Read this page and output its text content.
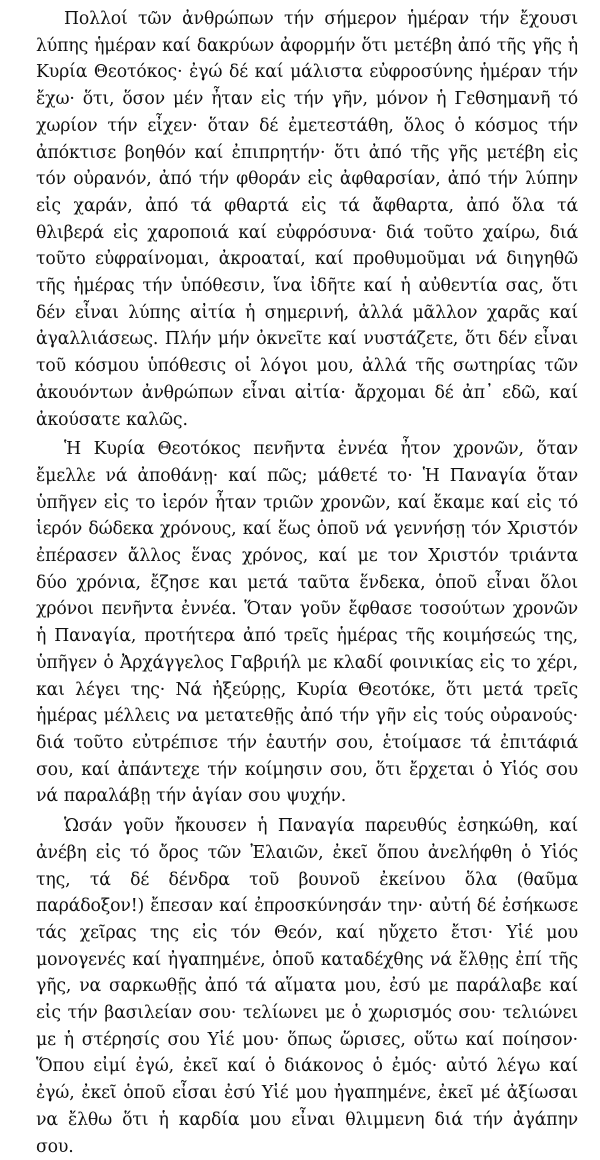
Πολλοί τῶν ἀνθρώπων τήν σήμερον ἡμέραν τήν ἔχουσι λύπης ἡμέραν καί δακρύων ἀφορμήν ὅτι μετέβη ἀπό τῆς γῆς ἡ Κυρία Θεοτόκος· ἐγώ δέ καί μάλιστα εὐφροσύνης ἡμέραν τήν ἔχω· ὅτι, ὅσον μέν ἦταν εἰς τήν γῆν, μόνον ἡ Γεθσημανῆ τό χωρίον τήν εἶχεν· ὅταν δέ ἐμετεστάθη, ὅλος ὁ κόσμος τήν ἀπόκτισε βοηθόν καί ἐπιπρητήν· ὅτι ἀπό τῆς γῆς μετέβη εἰς τόν οὐρανόν, ἀπό τήν φθοράν εἰς ἀφθαρσίαν, ἀπό τήν λύπην εἰς χαράν, ἀπό τά φθαρτά εἰς τά ἄφθαρτα, ἀπό ὅλα τά θλιβερά εἰς χαροποιά καί εὐφρόσυνα· διά τοῦτο χαίρω, διά τοῦτο εὐφραίνομαι, ἀκροαταί, καί προθυμοῦμαι νά διηγηθῶ τῆς ἡμέρας τήν ὑπόθεσιν, ἵνα ἰδῆτε καί ἡ αὐθεντία σας, ὅτι δέν εἶναι λύπης αἰτία ἡ σημερινή, ἀλλά μᾶλλον χαρᾶς καί ἀγαλλιάσεως. Πλήν μήν ὀκνεῖτε καί νυστάζετε, ὅτι δέν εἶναι τοῦ κόσμου ὑπόθεσις οἱ λόγοι μου, ἀλλά τῆς σωτηρίας τῶν ἀκουόντων ἀνθρώπων εἶναι αἰτία· ἄρχομαι δέ ἀπ᾽ εδῶ, καί ἀκούσατε καλῶς.

Ἡ Κυρία Θεοτόκος πενῆντα ἐννέα ἦτον χρονῶν, ὅταν ἔμελλε νά ἀποθάνῃ· καί πῶς; μάθετέ το· Ἡ Παναγία ὅταν ὑπῆγεν εἰς το ἱερόν ἦταν τριῶν χρονῶν, καί ἔκαμε καί εἰς τό ἱερόν δώδεκα χρόνους, καί ἕως ὁποῦ νά γεννήσῃ τόν Χριστόν ἐπέρασεν ἄλλος ἕνας χρόνος, καί με τον Χριστόν τριάντα δύο χρόνια, ἔζησε και μετά ταῦτα ἕνδεκα, ὁποῦ εἶναι ὅλοι χρόνοι πενῆντα ἐννέα. Ὅταν γοῦν ἔφθασε τοσούτων χρονῶν ἡ Παναγία, προτήτερα ἀπό τρεῖς ἡμέρας τῆς κοιμήσεώς της, ὑπῆγεν ὁ Ἀρχάγγελος Γαβριήλ με κλαδί φοινικίας εἰς το χέρι, και λέγει της· Νά ἠξεύρῃς, Κυρία Θεοτόκε, ὅτι μετά τρεῖς ἡμέρας μέλλεις να μετατεθῇς ἀπό τήν γῆν εἰς τούς οὐρανούς· διά τοῦτο εὐτρέπισε τήν ἑαυτήν σου, ἑτοίμασε τά ἐπιτάφιά σου, καί ἀπάντεχε τήν κοίμησιν σου, ὅτι ἔρχεται ὁ Υἱός σου νά παραλάβῃ τήν ἁγίαν σου ψυχήν.

Ὡσάν γοῦν ἤκουσεν ἡ Παναγία παρευθύς ἐσηκώθη, καί ἀνέβη εἰς τό ὄρος τῶν Ἐλαιῶν, ἐκεῖ ὅπου ἀνελήφθη ὁ Υἱός της, τά δέ δένδρα τοῦ βουνοῦ ἐκείνου ὅλα (θαῦμα παράδοξον!) ἔπεσαν καί ἐπροσκύνησάν την· αὐτή δέ ἐσήκωσε τάς χεῖρας της εἰς τόν Θεόν, καί ηὔχετο ἔτσι· Υἱέ μου μονογενές καί ἠγαπημένε, ὁποῦ καταδέχθης νά ἔλθῃς ἐπί τῆς γῆς, να σαρκωθῇς ἀπό τά αἵματα μου, ἐσύ με παράλαβε καί εἰς τήν βασιλείαν σου· τελίωνει με ὁ χωρισμός σου· τελιώνει με ἡ στέρησίς σου Υἱέ μου· ὅπως ὥρισες, οὕτω καί ποίησον· Ὅπου εἰμί ἐγώ, ἐκεῖ καί ὁ διάκονος ὁ ἐμός· αὐτό λέγω καί ἐγώ, ἐκεῖ ὁποῦ εἶσαι ἐσύ Υἱέ μου ἠγαπημένε, ἐκεῖ μέ ἀξίωσαι να ἔλθω ὅτι ἡ καρδία μου εἶναι θλιμμενη διά τήν ἀγάπην σου.
